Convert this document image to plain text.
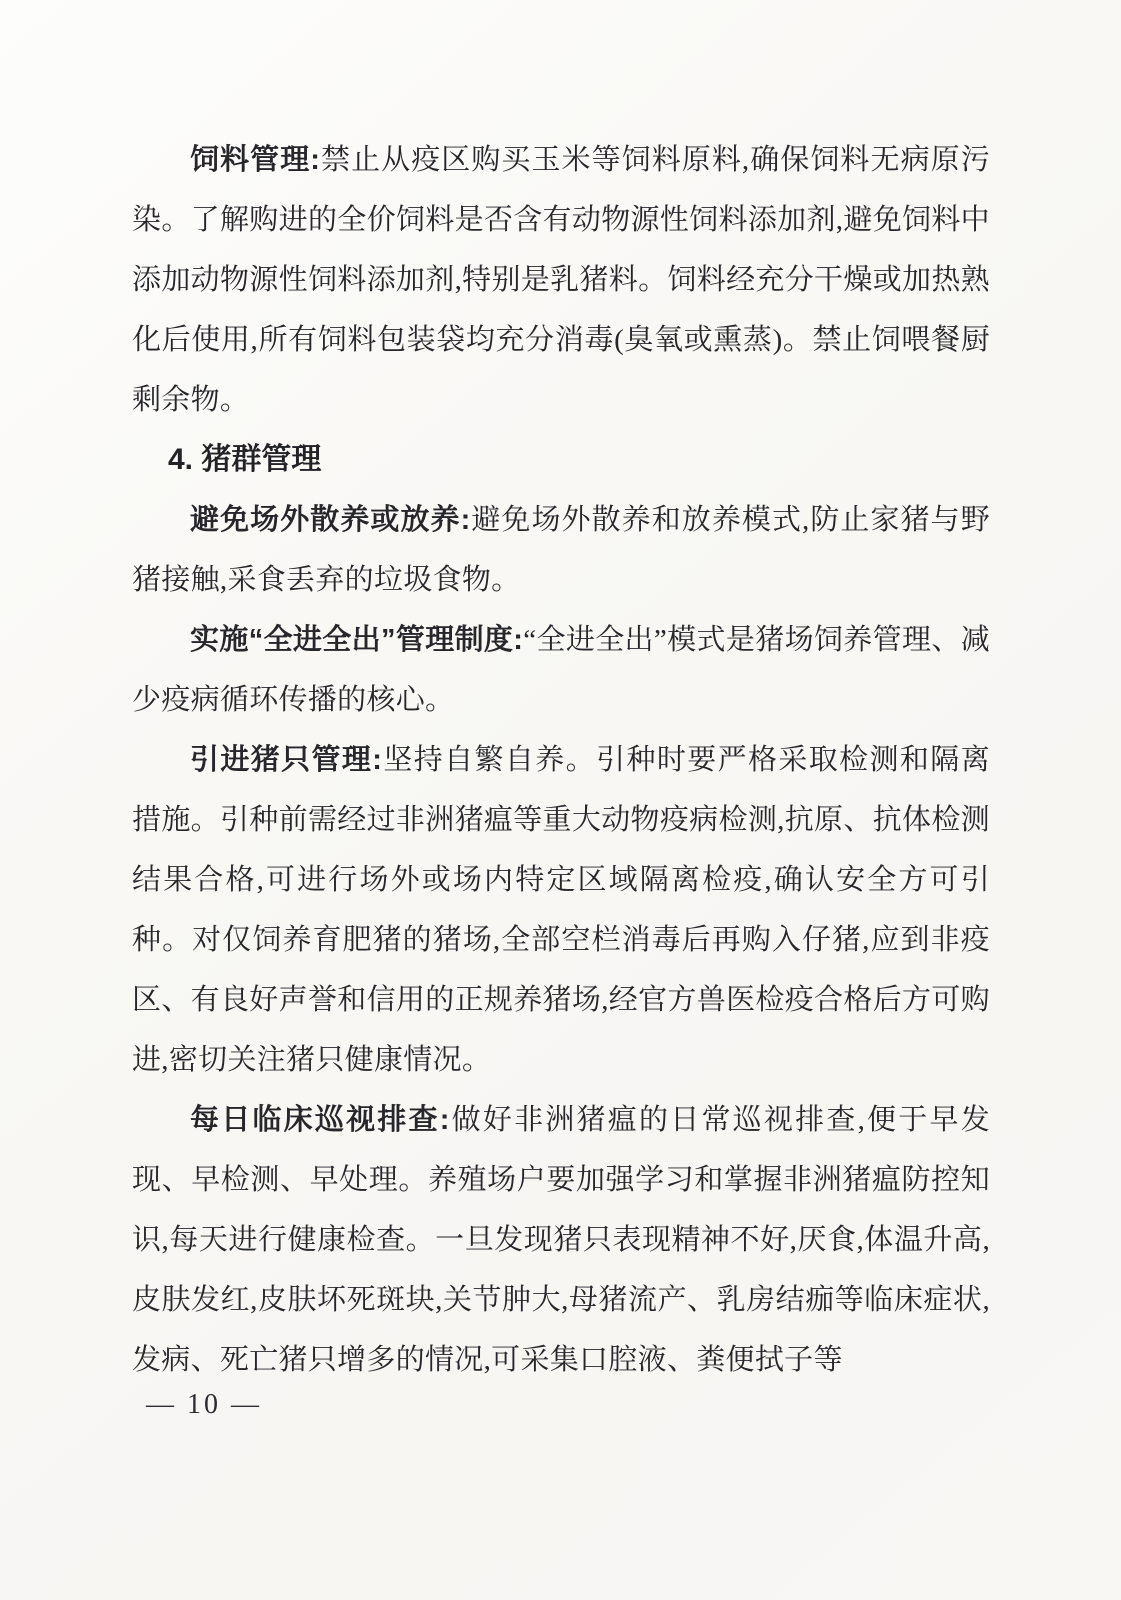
饲料管理:禁止从疫区购买玉米等饲料原料,确保饲料无病原污染。了解购进的全价饲料是否含有动物源性饲料添加剂,避免饲料中添加动物源性饲料添加剂,特别是乳猪料。饲料经充分干燥或加热熟化后使用,所有饲料包装袋均充分消毒(臭氧或熏蒸)。禁止饲喂餐厨剩余物。

4. 猪群管理

避免场外散养或放养:避免场外散养和放养模式,防止家猪与野猪接触,采食丢弃的垃圾食物。

实施“全进全出”管理制度:“全进全出”模式是猪场饲养管理、减少疫病循环传播的核心。

引进猪只管理:坚持自繁自养。引种时要严格采取检测和隔离措施。引种前需经过非洲猪瘟等重大动物疫病检测,抗原、抗体检测结果合格,可进行场外或场内特定区域隔离检疫,确认安全方可引种。对仅饲养育肥猪的猪场,全部空栏消毒后再购入仔猪,应到非疫区、有良好声誉和信用的正规养猪场,经官方兽医检疫合格后方可购进,密切关注猪只健康情况。

每日临床巡视排查:做好非洲猪瘟的日常巡视排查,便于早发现、早检测、早处理。养殖场户要加强学习和掌握非洲猪瘟防控知识,每天进行健康检查。一旦发现猪只表现精神不好,厌食,体温升高,皮肤发红,皮肤坏死斑块,关节肿大,母猪流产、乳房结痂等临床症状,发病、死亡猪只增多的情况,可采集口腔液、粪便拭子等

— 10 —
